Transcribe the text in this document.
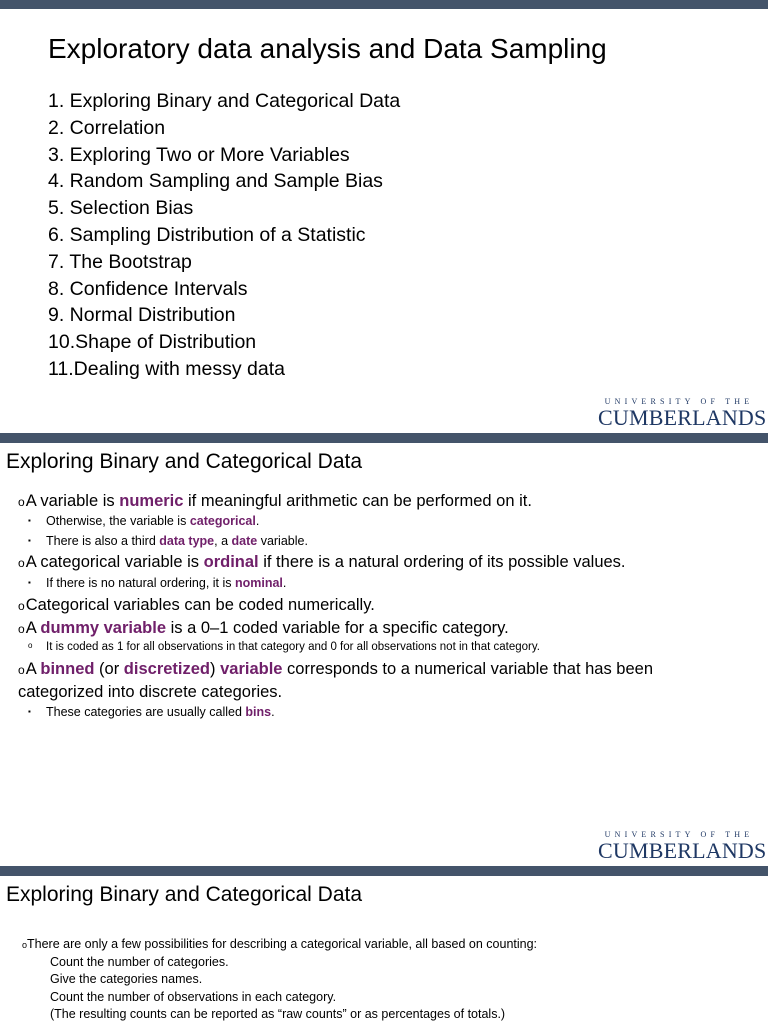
Exploratory data analysis and Data Sampling
1. Exploring Binary and Categorical Data
2. Correlation
3. Exploring Two or More Variables
4. Random Sampling and Sample Bias
5. Selection Bias
6. Sampling Distribution of a Statistic
7. The Bootstrap
8. Confidence Intervals
9. Normal Distribution
10.Shape of Distribution
11.Dealing with messy data
UNIVERSITY OF THE
CUMBERLANDS
Exploring Binary and Categorical Data
oA variable is numeric if meaningful arithmetic can be performed on it.
▪ Otherwise, the variable is categorical.
▪ There is also a third data type, a date variable.
oA categorical variable is ordinal if there is a natural ordering of its possible values.
▪ If there is no natural ordering, it is nominal.
oCategorical variables can be coded numerically.
oA dummy variable is a 0–1 coded variable for a specific category.
o It is coded as 1 for all observations in that category and 0 for all observations not in that category.
oA binned (or discretized) variable corresponds to a numerical variable that has been
categorized into discrete categories.
▪ These categories are usually called bins.
UNIVERSITY OF THE
CUMBERLANDS
Exploring Binary and Categorical Data
oThere are only a few possibilities for describing a categorical variable, all based on counting:
Count the number of categories.
Give the categories names.
Count the number of observations in each category.
(The resulting counts can be reported as “raw counts” or as percentages of totals.)
